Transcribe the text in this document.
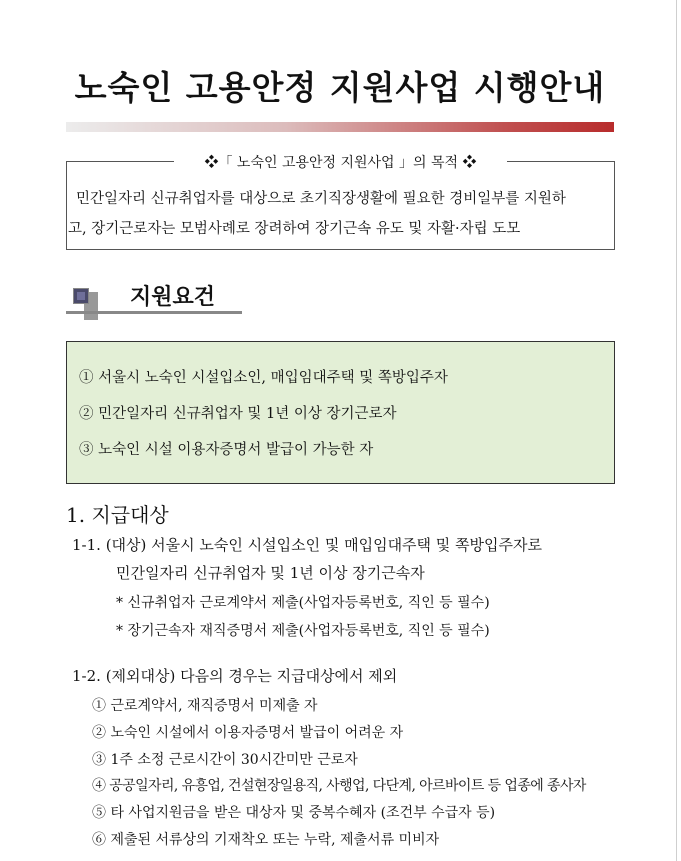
노숙인 고용안정 지원사업 시행안내
❖「 노숙인 고용안정 지원사업 」의 목적 ❖
민간일자리 신규취업자를 대상으로 초기직장생활에 필요한 경비일부를 지원하
고, 장기근로자는 모범사례로 장려하여 장기근속 유도 및 자활·자립 도모
지원요건
① 서울시 노숙인 시설입소인, 매입임대주택 및 쪽방입주자
② 민간일자리 신규취업자 및 1년 이상 장기근로자
③ 노숙인 시설 이용자증명서 발급이 가능한 자
1. 지급대상
1-1. (대상) 서울시 노숙인 시설입소인 및 매입임대주택 및 쪽방입주자로
민간일자리 신규취업자 및 1년 이상 장기근속자
* 신규취업자 근로계약서 제출(사업자등록번호, 직인 등 필수)
* 장기근속자 재직증명서 제출(사업자등록번호, 직인 등 필수)
1-2. (제외대상) 다음의 경우는 지급대상에서 제외
① 근로계약서, 재직증명서 미제출 자
② 노숙인 시설에서 이용자증명서 발급이 어려운 자
③ 1주 소정 근로시간이 30시간미만 근로자
④ 공공일자리, 유흥업, 건설현장일용직, 사행업, 다단계, 아르바이트 등 업종에 종사자
⑤ 타 사업지원금을 받은 대상자 및 중복수혜자 (조건부 수급자 등)
⑥ 제출된 서류상의 기재착오 또는 누락, 제출서류 미비자
